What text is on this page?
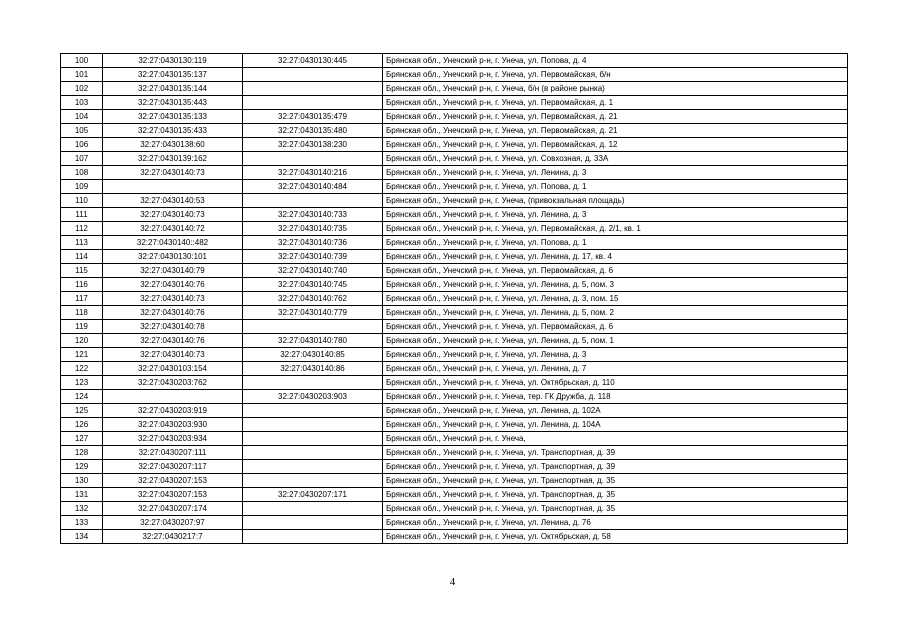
100	32:27:0430130:119	32:27:0430130:445	Брянская обл., Унечский р-н, г. Унеча, ул. Попова, д. 4
101	32:27:0430135:137		Брянская обл., Унечский р-н, г. Унеча, ул. Первомайская, б/н
102	32:27:0430135:144		Брянская обл., Унечский р-н, г. Унеча, б/н (в районе рынка)
103	32:27:0430135:443		Брянская обл., Унечский р-н, г. Унеча, ул. Первомайская, д. 1
104	32:27:0430135:133	32:27:0430135:479	Брянская обл., Унечский р-н, г. Унеча, ул. Первомайская, д. 21
105	32:27:0430135:433	32:27:0430135:480	Брянская обл., Унечский р-н, г. Унеча, ул. Первомайская, д. 21
106	32:27:0430138:60	32:27:0430138:230	Брянская обл., Унечский р-н, г. Унеча, ул. Первомайская, д. 12
107	32:27:0430139:162		Брянская обл., Унечский р-н, г. Унеча, ул. Совхозная, д. 33А
108	32:27:0430140:73	32:27:0430140:216	Брянская обл., Унечский р-н, г. Унеча, ул. Ленина, д. 3
109		32:27:0430140:484	Брянская обл., Унечский р-н, г. Унеча, ул. Попова, д. 1
110	32:27:0430140:53		Брянская обл., Унечский р-н, г. Унеча, (привокзальная площадь)
111	32:27:0430140:73	32:27:0430140:733	Брянская обл., Унечский р-н, г. Унеча, ул. Ленина, д. 3
112	32:27:0430140:72	32:27:0430140:735	Брянская обл., Унечский р-н, г. Унеча, ул. Первомайская, д. 2/1, кв. 1
113	32:27:0430140::482	32:27:0430140:736	Брянская обл., Унечский р-н, г. Унеча, ул. Попова, д. 1
114	32:27:0430130:101	32:27:0430140:739	Брянская обл., Унечский р-н, г. Унеча, ул. Ленина, д. 17, кв. 4
115	32:27:0430140:79	32:27:0430140:740	Брянская обл., Унечский р-н, г. Унеча, ул. Первомайская, д. 6
116	32:27:0430140:76	32:27:0430140:745	Брянская обл., Унечский р-н, г. Унеча, ул. Ленина, д. 5, пом. 3
117	32:27:0430140:73	32:27:0430140:762	Брянская обл., Унечский р-н, г. Унеча, ул. Ленина, д. 3, пом. 15
118	32:27:0430140:76	32:27:0430140:779	Брянская обл., Унечский р-н, г. Унеча, ул. Ленина, д. 5, пом. 2
119	32:27:0430140:78		Брянская обл., Унечский р-н, г. Унеча, ул. Первомайская, д. 6
120	32:27:0430140:76	32:27:0430140:780	Брянская обл., Унечский р-н, г. Унеча, ул. Ленина, д. 5, пом. 1
121	32:27:0430140:73	32:27:0430140:85	Брянская обл., Унечский р-н, г. Унеча, ул. Ленина, д. 3
122	32:27:0430103:154	32:27:0430140:86	Брянская обл., Унечский р-н, г. Унеча, ул. Ленина, д. 7
123	32:27:0430203:762		Брянская обл., Унечский р-н, г. Унеча, ул. Октябрьская, д. 110
124		32:27:0430203:903	Брянская обл., Унечский р-н, г. Унеча, тер. ГК Дружба, д. 118
125	32:27:0430203:919		Брянская обл., Унечский р-н, г. Унеча, ул. Ленина, д. 102А
126	32:27:0430203:930		Брянская обл., Унечский р-н, г. Унеча, ул. Ленина, д. 104А
127	32:27:0430203:934		Брянская обл., Унечский р-н, г. Унеча,
128	32:27:0430207:111		Брянская обл., Унечский р-н, г. Унеча, ул. Транспортная, д. 39
129	32:27:0430207:117		Брянская обл., Унечский р-н, г. Унеча, ул. Транспортная, д. 39
130	32:27:0430207:153		Брянская обл., Унечский р-н, г. Унеча, ул. Транспортная, д. 35
131	32:27:0430207:153	32:27:0430207:171	Брянская обл., Унечский р-н, г. Унеча, ул. Транспортная, д. 35
132	32:27:0430207:174		Брянская обл., Унечский р-н, г. Унеча, ул. Транспортная, д. 35
133	32:27:0430207:97		Брянская обл., Унечский р-н, г. Унеча, ул. Ленина, д. 76
134	32:27:0430217:7		Брянская обл., Унечский р-н, г. Унеча, ул. Октябрьская, д. 58
4
